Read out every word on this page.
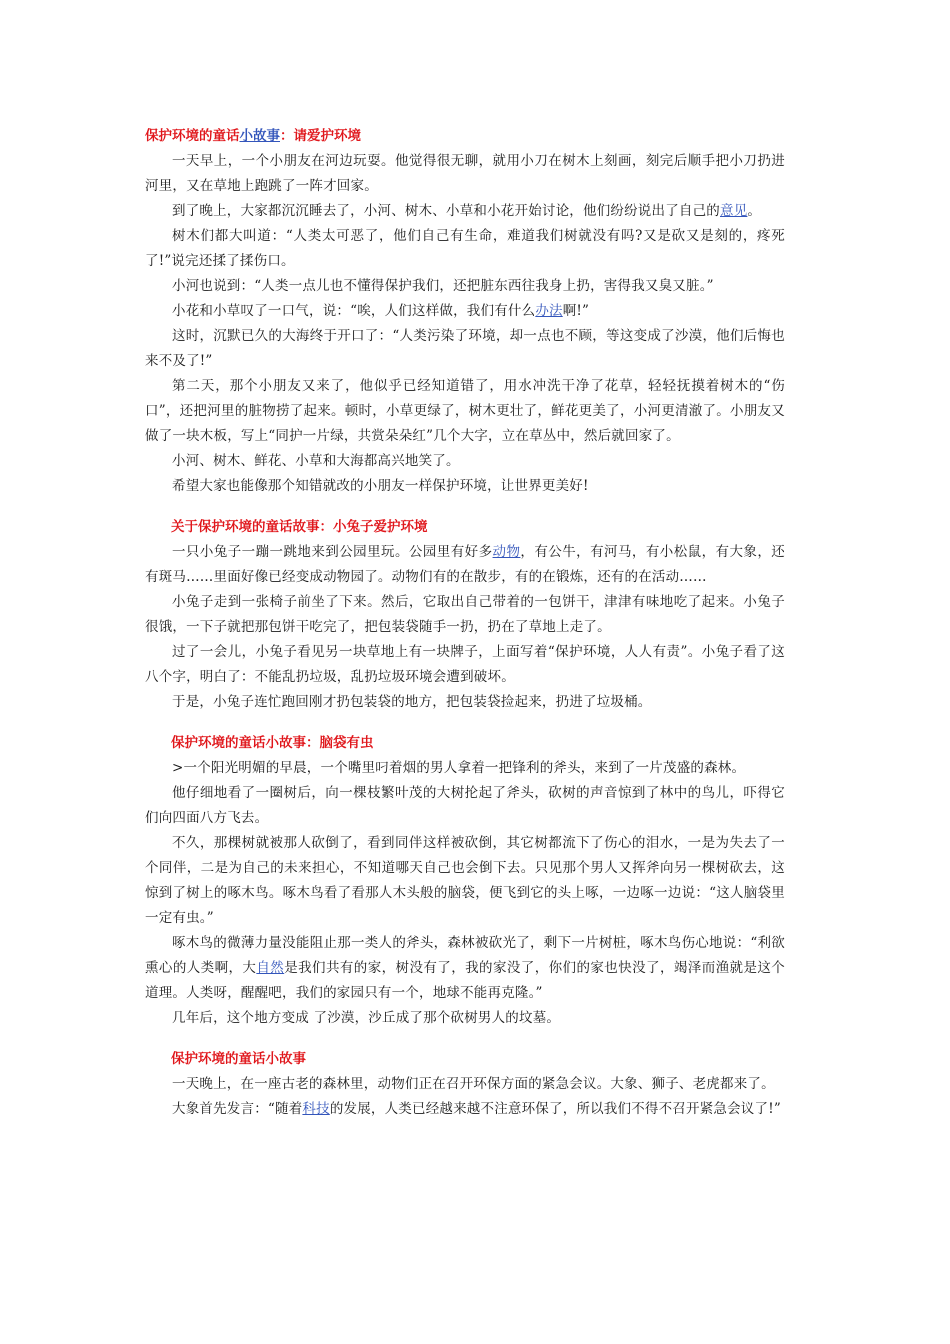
保护环境的童话小故事：请爱护环境

一天早上，一个小朋友在河边玩耍。他觉得很无聊，就用小刀在树木上刻画，刻完后顺手把小刀扔进河里，又在草地上跑跳了一阵才回家。

到了晚上，大家都沉沉睡去了，小河、树木、小草和小花开始讨论，他们纷纷说出了自己的意见。

树木们都大叫道：“人类太可恶了，他们自己有生命，难道我们树就没有吗?又是砍又是刻的，疼死了!”说完还揉了揉伤口。

小河也说到：“人类一点儿也不懂得保护我们，还把脏东西往我身上扔，害得我又臭又脏。”

小花和小草叹了一口气，说：“唉，人们这样做，我们有什么办法啊!”

这时，沉默已久的大海终于开口了：“人类污染了环境，却一点也不顾，等这变成了沙漠，他们后悔也来不及了!”

第二天，那个小朋友又来了，他似乎已经知道错了，用水冲洗干净了花草，轻轻抚摸着树木的“伤口”，还把河里的脏物捞了起来。顿时，小草更绿了，树木更壮了，鲜花更美了，小河更清澈了。小朋友又做了一块木板，写上“同护一片绿，共赏朵朵红”几个大字，立在草丛中，然后就回家了。

小河、树木、鲜花、小草和大海都高兴地笑了。

希望大家也能像那个知错就改的小朋友一样保护环境，让世界更美好!

关于保护环境的童话故事：小兔子爱护环境

一只小兔子一蹦一跳地来到公园里玩。公园里有好多动物，有公牛，有河马，有小松鼠，有大象，还有斑马……里面好像已经变成动物园了。动物们有的在散步，有的在锻炼，还有的在活动……

小兔子走到一张椅子前坐了下来。然后，它取出自己带着的一包饼干，津津有味地吃了起来。小兔子很饿，一下子就把那包饼干吃完了，把包装袋随手一扔，扔在了草地上走了。

过了一会儿，小兔子看见另一块草地上有一块牌子，上面写着“保护环境，人人有责”。小兔子看了这八个字，明白了：不能乱扔垃圾，乱扔垃圾环境会遭到破坏。

于是，小兔子连忙跑回刚才扔包装袋的地方，把包装袋捡起来，扔进了垃圾桶。

保护环境的童话小故事：脑袋有虫

>一个阳光明媚的早晨，一个嘴里叼着烟的男人拿着一把锋利的斧头，来到了一片茂盛的森林。

他仔细地看了一圈树后，向一棵枝繁叶茂的大树抡起了斧头，砍树的声音惊到了林中的鸟儿，吓得它们向四面八方飞去。

不久，那棵树就被那人砍倒了，看到同伴这样被砍倒，其它树都流下了伤心的泪水，一是为失去了一个同伴，二是为自己的未来担心，不知道哪天自己也会倒下去。只见那个男人又挥斧向另一棵树砍去，这惊到了树上的啄木鸟。啄木鸟看了看那人木头般的脑袋，便飞到它的头上啄，一边啄一边说：“这人脑袋里一定有虫。”

啄木鸟的微薄力量没能阻止那一类人的斧头，森林被砍光了，剩下一片树桩，啄木鸟伤心地说：“利欲熏心的人类啊，大自然是我们共有的家，树没有了，我的家没了，你们的家也快没了，竭泽而渔就是这个道理。人类呀，醒醒吧，我们的家园只有一个，地球不能再克隆。”

几年后，这个地方变成 了沙漠，沙丘成了那个砍树男人的坟墓。

保护环境的童话小故事

一天晚上，在一座古老的森林里，动物们正在召开环保方面的紧急会议。大象、狮子、老虎都来了。

大象首先发言：“随着科技的发展，人类已经越来越不注意环保了，所以我们不得不召开紧急会议了!”
